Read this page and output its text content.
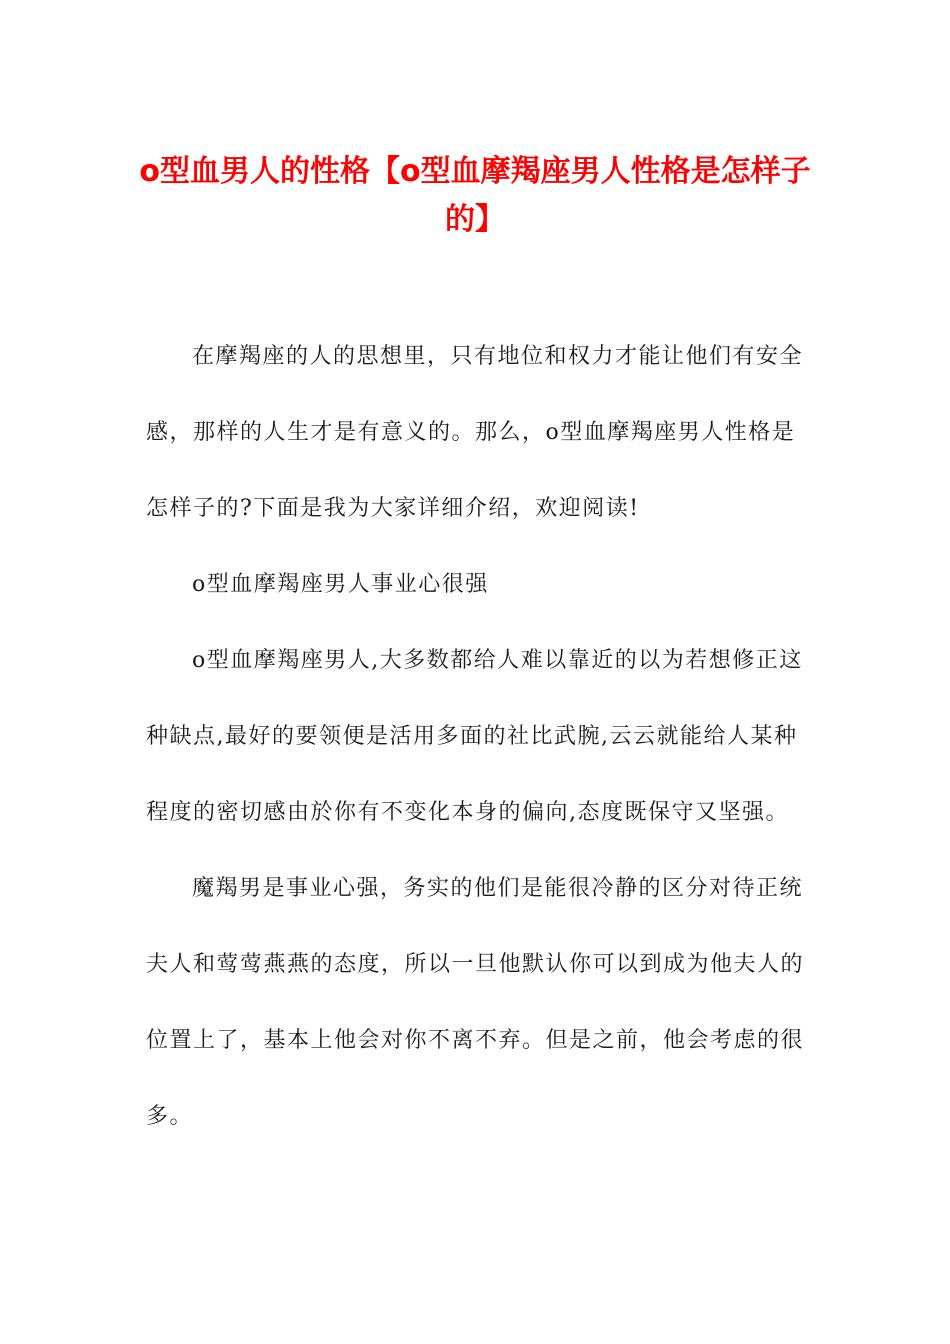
o型血男人的性格【o型血摩羯座男人性格是怎样子的】

在摩羯座的人的思想里，只有地位和权力才能让他们有安全感，那样的人生才是有意义的。那么，o型血摩羯座男人性格是怎样子的?下面是我为大家详细介绍，欢迎阅读!

o型血摩羯座男人事业心很强

o型血摩羯座男人,大多数都给人难以靠近的以为若想修正这种缺点,最好的要领便是活用多面的社比武腕,云云就能给人某种程度的密切感由於你有不变化本身的偏向,态度既保守又坚强。

魔羯男是事业心强，务实的他们是能很冷静的区分对待正统夫人和莺莺燕燕的态度，所以一旦他默认你可以到成为他夫人的位置上了，基本上他会对你不离不弃。但是之前，他会考虑的很多。
